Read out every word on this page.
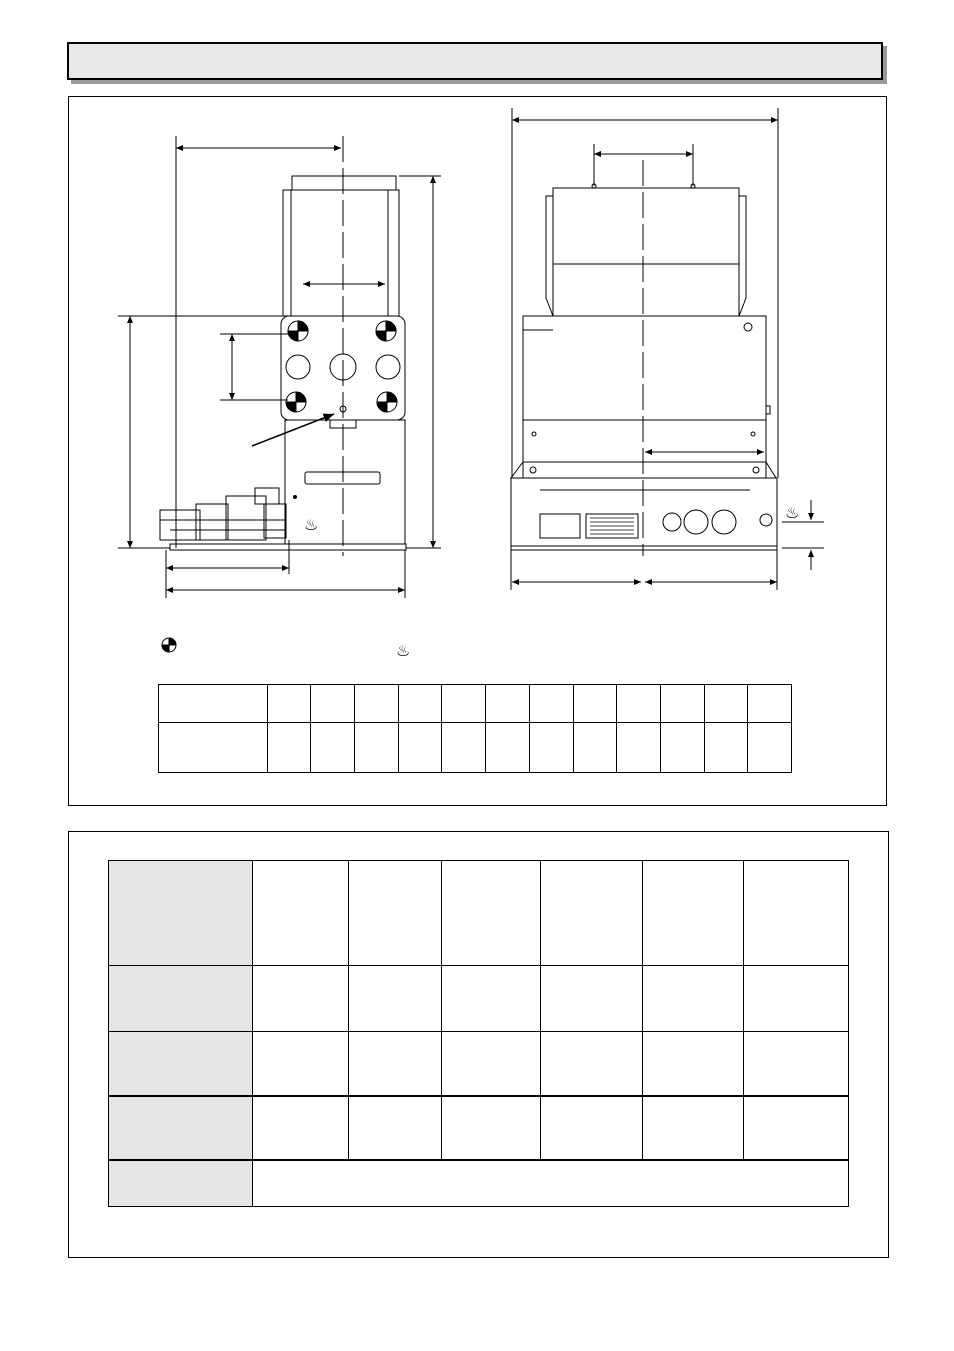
♨
♨
♨
